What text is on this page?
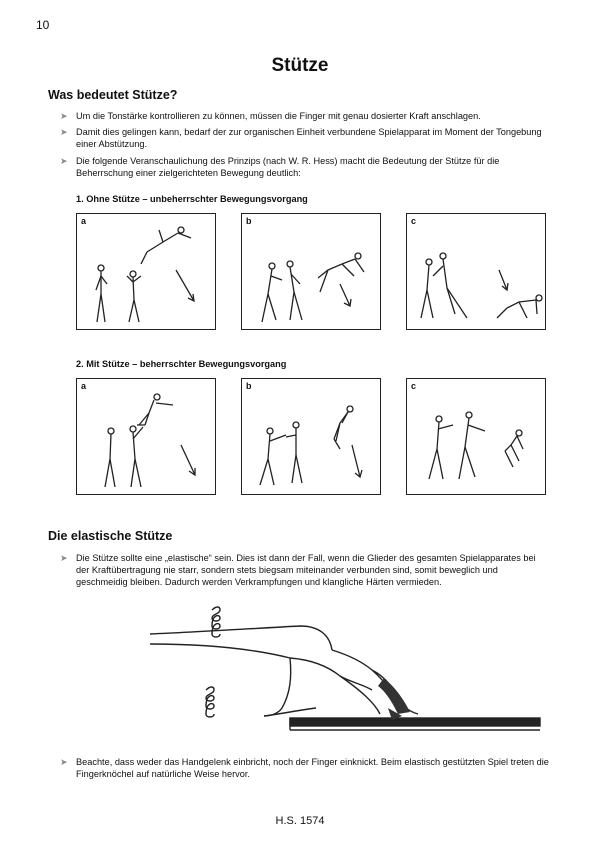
10
Stütze
Was bedeutet Stütze?
➤ Um die Tonstärke kontrollieren zu können, müssen die Finger mit genau dosierter Kraft anschlagen.
➤ Damit dies gelingen kann, bedarf der zur organischen Einheit verbundene Spielapparat im Moment der Tongebung einer Abstützung.
➤ Die folgende Veranschaulichung des Prinzips (nach W. R. Hess) macht die Bedeutung der Stütze für die Beherrschung einer zielgerichteten Bewegung deutlich:
1. Ohne Stütze – unbeherrschter Bewegungsvorgang
a	b	c
2. Mit Stütze – beherrschter Bewegungsvorgang
a	b	c
Die elastische Stütze
➤ Die Stütze sollte eine „elastische“ sein. Dies ist dann der Fall, wenn die Glieder des gesamten Spielapparates bei der Kraftübertragung nie starr, sondern stets biegsam miteinander verbunden sind, somit beweglich und geschmeidig bleiben. Dadurch werden Verkrampfungen und klangliche Härten vermieden.
➤ Beachte, dass weder das Handgelenk einbricht, noch der Finger einknickt. Beim elastisch gestützten Spiel treten die Fingerknöchel auf natürliche Weise hervor.
H.S. 1574
